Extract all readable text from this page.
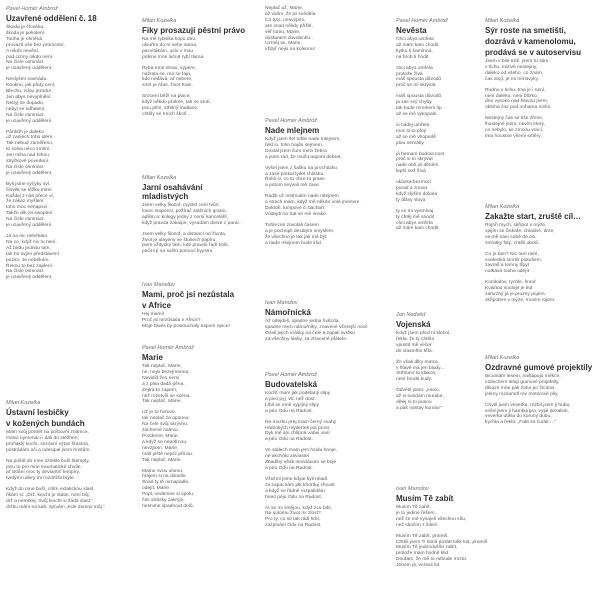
Pavel Homér Ambrož
Uzavřené oddělení č. 18
Škoda je člověka,
škoda je pokolení.
Touha je ohněná
provazů vše bez prorocení.
A nikdo nevěsí,
pod cizmy nikdo není.
Na čísle osmnáct
je uzavřený oddělení.
Neslyším navnádu.
Kouknu, jak půdy cení.
Blechu, zdou jezsdu!
Jen abys nevyplnění.
Nebyj se dopadu,
nebyj se odhalení.
Na čísle osmnáct
je uzavřený oddělení.
Pánbůh je daleko
už zaniech toho sténí.
Tak nebuď zaměřeno,
to solva něco změní.
Jen miha nad řekou,
strýčkově povedení.
Na čísle osmnáct
je uzavřený oddělení.
Byli jsme výčyky sví,
člověk se těžko mění.
Každej z nás přece ví,
že zákaz myšlení
toho moc nenapsví.
Takže dik za swopení.
Na čísle osmnáct
je uzavřený oddělení.
Já na nic nebékám.
Na co, když nic tu není.
Až budu jednou tam,
tak ho svým představení
pozim. Je nebékám.
Řeknu to bez zaplení.
Na čísle osmnáct
je uzavřený oddělení.
Milan Kozelka
Ústavní lesbičky
v kožených bundách
Mám svůj portrét na poštovní známce,
mstivi nymenáci i dali do stěžhen,
proňaklý kochí, sezónní výtaz šťastná,
postrádám oči a odesipal jsem hostům.
Na poště do mne vztekle buší štemply,
jsnu to pro mne traumatické chvíle,
ať sklání moc ty deviantní lempíry,
tvrdými udery mi rozdrtíšli bryle.
Když do mne buší, cítím extatickou slast,
řikám si: „Drž, kiocht je statin; není bůj,
drž a nemrkej, trvůj kiocht si žádá slast."
držku mám na kab, zpívám „Kde domov můj."
Milan Kozelka
Fiky prosazují pěstní právo
Na mě rybnika kopu díru,
ulouřím do ní sebe sama,
pacvitákám, uslu v mou
polkne mne lačná rybí tlama.
Ryba mne stravi, vypere,
nažrala se, má se fajn,
kdo nedává, ať nebere,
smrt je Abel, život Kain.
Srocení běží na place,
když někdo prokne, tak se sroti,
jsou plíni, střelný maltace,
chtěly se rmoží školí ...
Milan Kozelka
Jarní osahávání mladistvých
Jsem velky filozof, myslet cení tvůrí,
lovec stopenci, požírač stážních granic,
adilim a: kolegy jedny z cemí kancelářil,
když pravda zakaipe, vysudám dvere z panic.
Jsem velky filozof, a distancí od života,
život je ulayeny ve štosech papíru,
jsem vždycky tam, kde pravdu řadí bolit,
pačini ji na světo pomocí kyystru.
Ivan Manolov
Mami, proč jsi nezůstala
v Africe
Hej mami!
Proč jsi nezůstala v Africe?
Moje blues by poslouchaly asponí opice!
Pavel Homér Ambrož
Marie
Tak neplač, Marie,
ne, nejsi bezejmenna,
Nevidíš žes nemí
a z plva dadá pěna.
Zejtra to zapem,
než rozetvíš se scéna.
Tak neplač, Marie.
Už je to hotovo,
tak neplač za oponou.
Na čele svůj skrývnu,
zachemé nalevo.
Pozdeme, Marie,
a když se nepofrnou,
nevzpom, Marie,
máš ještě nejvíc přinou.
Tak neplač, Marie.
Mame svou ulomu,
hrajem si na divadlo.
Snad ty tě nenapadlo,
odejít, Marie.
Popl, nedemne si spolu,
čas vtrásky zakrýje,
nesnime spadnout dolů.
Neplač už, Marie,
až vidím, že jsi svěděla.
Co tyto, nesvýpmi,
are snad někdy přišlé,
věř tomu, Marie,
dostanem dovolenku...
Uzméj se, Marie,
vždyť nejsi na kolenou!
Pavel Homér Ambrož
Nade mlejnem
Když jsem šel tuhle nade mlejnem,
řekl si, toho hajdu sejmem.
Dostal jsem čuro mezi žebra
a jsem rád, že mužu asponí debrat.
Vyšel jsem z šašku na procházku
a zase potkal lydel chlasku.
Řekli si, co tu chce to prase
a potom seyvali mě zase.
Radši už neshodim nade mlejnem
a strach mám, když mě někdo volá jménem.
Doktoři, lumpové či bachaři:
Vodejdi na Sat ve mě neaké.
Tuhle mé zavolali časem
a je pochopil desátym smyslem,
že všechno je tak jak má být
a nade mlejnem bude klid.
Ivan Manolov
Námořnická
Až odejdeš, spadne jedna hvězda,
spadne mezi námořníky, znavené včerejší noci!
Ozali jejich vrásky na čele a zapali svíčku
za všechny lásky, za ztracené přátele.
Pavel Homér Ambrož
Budovatelská
Kochť mam jak podelaný slipy
a pivo pyj, víc než dost.
Líbil se mně vypíjný slipy
a péu Odu na Radost.
Na mozku prej mam černý svahy
Hlubokých mydenek jsa prost.
Dyk mé ani chlipná vabei vasí
a péu Odu na Radost.
Ve stálech mam jem hsídu hnoje,
ne akchólu zaviastei
Zbadiby věak nevidávam se boje
a péu Odu na Radost.
Všichni jsme kdyai byli mladí.
Ja zapacnám jak khorduj chvost
a když se řádně rozpalidám,
hned péju Ódu na Radost.
At se mi smějou, když zcu bibí,
Na sotomu život mi zlost?
Pro ty, co se tak rádi hrbí,
zazpívám Ódu na Radost.
Pavel Homér Ambrož
Nevěsta
Chci abys umřela
až mám kam chodit
kytku ti kamínná,
na hrob ti hodit
chci abys umřela
protože žívá
máš spousta důvodů
proč se mi skrývat
máš spousta důvodů
ja zas svý chyby
tak bude mnohem líp
až se mě vykopalo
si nádej umřela
moc si to přeji
až se mě vhopodě
jdou nerváky
já hemam budoucnost
proč si to skrývat
nade obš jsi děném
lepší než žívá
ukázka bezmocí
porad a znova
když slyším dokola
ty dlávy slova
ty se mi vysmívaj
ty chtěj mě snodit
chci abys umřela
až mám kam chodit
Jan Nedvěd
Vojenská
Když jsem před ní kleční,
řekla, že ty chtěla
vpustit mě večer
do vlastního těla.
Že však dlky matce,
v hlavě má jen bludy...
Strhtumí to klakce,
není hrudé kudy.
Odvětil jsem: „Huso,
až si sundám mundur,
dělej ni to pusou
a pak nastav kundu!"
Ivan Manolov
Musím Tě zabít
Musím Tě zabít,
je to jediné řešení,
než ze mé vysaješ všechnu sílu,
než skočím z šílení.
Musím Tě zabít, promiň,
Chtěli jsem Ti lotně poslat tolik kot, promiň
Musím Tě jednodušše zabít,
protože mám hodně klid.
Doufam, že mě to nebude mrzet.
Jenom já, versus lid.
Milan Kozelka
Sýr roste na smetišti,
dozrává v kamenolomu,
prodává se v autoservisu
Jsem v bile trně, jsem tu sám,
v tichu, mizivé nestejiny,
daleko od všeho, co znám,
čas stojí, je mi mírstvyky.
Rudnu v tichu, tma je i není,
není daleko, není blízko,
dno vysoko nad hlavou jsem,
obloha činí pod nohama nízko.
Nestejny čas se tiše zřeloi,
lhostejné jsem, nevim který,
co nebylo, se zmoou vrací,
tma houstne všemi směry.
Milan Kozelka
Zakažte start, zruště cíl…
Rojnři mych, skřípot v mýze,
vpijím se čiskaře, chladné, drze,
ve mě sam sobě do oči,
zmratky fstý, chtěli obočí.
Co je tam? Nic tam není,
vnatedná smrtíli pokušení,
zavraš a temny třpyt
nutkavá touha odejít.
Komkulov, rychle, hned
Kvalitou souloje je led
zamrzný já je pruzny pojem,
skřipotem v mýze, musím rojem.
Milan Kozelka
Ozdravné gumové projektily
Bicuntám lesem, našlapuju měkce,
vzduchem letají gumové projektily,
dlouze mne páli žaha po žícitovi,
jeleny rozsamdl rev motorové pily.
Chytil jsem veverku, rozbil jsem ji hubu,
sněd jsem ji hamburgra, vypil dezalink,
veverka utíkla do koruny dubu,
kychla a řekla: „Fakt za čurák ..."
